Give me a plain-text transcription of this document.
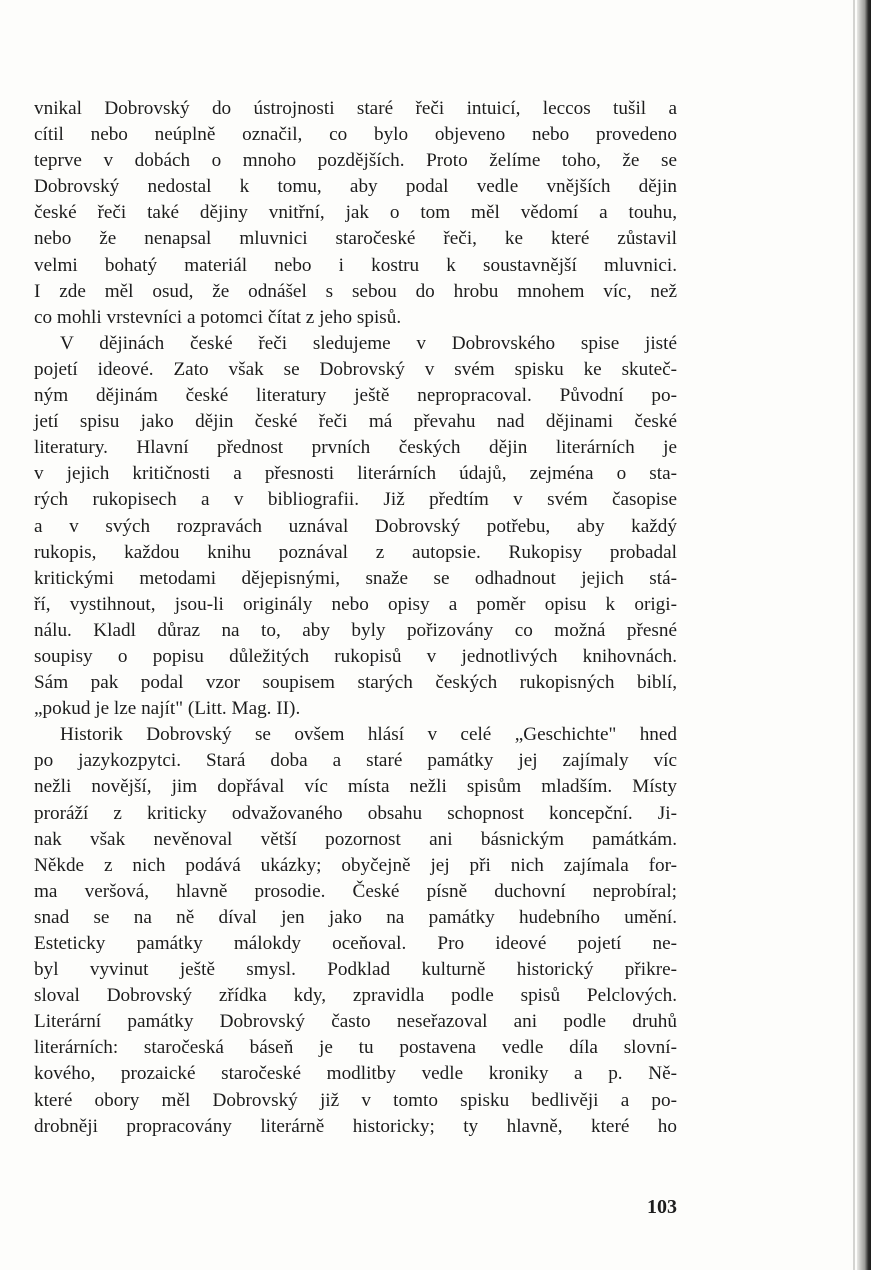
vnikal Dobrovský do ústrojnosti staré řeči intuicí, leccos tušil a
cítil nebo neúplně označil, co bylo objeveno nebo provedeno
teprve v dobách o mnoho pozdějších. Proto želíme toho, že se
Dobrovský nedostal k tomu, aby podal vedle vnějších dějin
české řeči také dějiny vnitřní, jak o tom měl vědomí a touhu,
nebo že nenapsal mluvnici staročeské řeči, ke které zůstavil
velmi bohatý materiál nebo i kostru k soustavnější mluvnici.
I zde měl osud, že odnášel s sebou do hrobu mnohem víc, než
co mohli vrstevníci a potomci čítat z jeho spisů.
V dějinách české řeči sledujeme v Dobrovského spise jisté
pojetí ideové. Zato však se Dobrovský v svém spisku ke skuteč-
ným dějinám české literatury ještě nepropracoval. Původní po-
jetí spisu jako dějin české řeči má převahu nad dějinami české
literatury. Hlavní přednost prvních českých dějin literárních je
v jejich kritičnosti a přesnosti literárních údajů, zejména o sta-
rých rukopisech a v bibliografii. Již předtím v svém časopise
a v svých rozpravách uznával Dobrovský potřebu, aby každý
rukopis, každou knihu poznával z autopsie. Rukopisy probadal
kritickými metodami dějepisnými, snaže se odhadnout jejich stá-
ří, vystihnout, jsou-li originály nebo opisy a poměr opisu k origi-
nálu. Kladl důraz na to, aby byly pořizovány co možná přesné
soupisy o popisu důležitých rukopisů v jednotlivých knihovnách.
Sám pak podal vzor soupisem starých českých rukopisných biblí,
„pokud je lze najít" (Litt. Mag. II).
Historik Dobrovský se ovšem hlásí v celé „Geschichte" hned
po jazykozpytci. Stará doba a staré památky jej zajímaly víc
nežli novější, jim dopřával víc místa nežli spisům mladším. Místy
proráží z kriticky odvažovaného obsahu schopnost koncepční. Ji-
nak však nevěnoval větší pozornost ani básnickým památkám.
Někde z nich podává ukázky; obyčejně jej při nich zajímala for-
ma veršová, hlavně prosodie. České písně duchovní neprobíral;
snad se na ně díval jen jako na památky hudebního umění.
Esteticky památky málokdy oceňoval. Pro ideové pojetí ne-
byl vyvinut ještě smysl. Podklad kulturně historický přikre-
sloval Dobrovský zřídka kdy, zpravidla podle spisů Pelclových.
Literární památky Dobrovský často neseřazoval ani podle druhů
literárních: staročeská báseň je tu postavena vedle díla slovní-
kového, prozaické staročeské modlitby vedle kroniky a p. Ně-
které obory měl Dobrovský již v tomto spisku bedlivěji a po-
drobněji propracovány literárně historicky; ty hlavně, které ho
103
